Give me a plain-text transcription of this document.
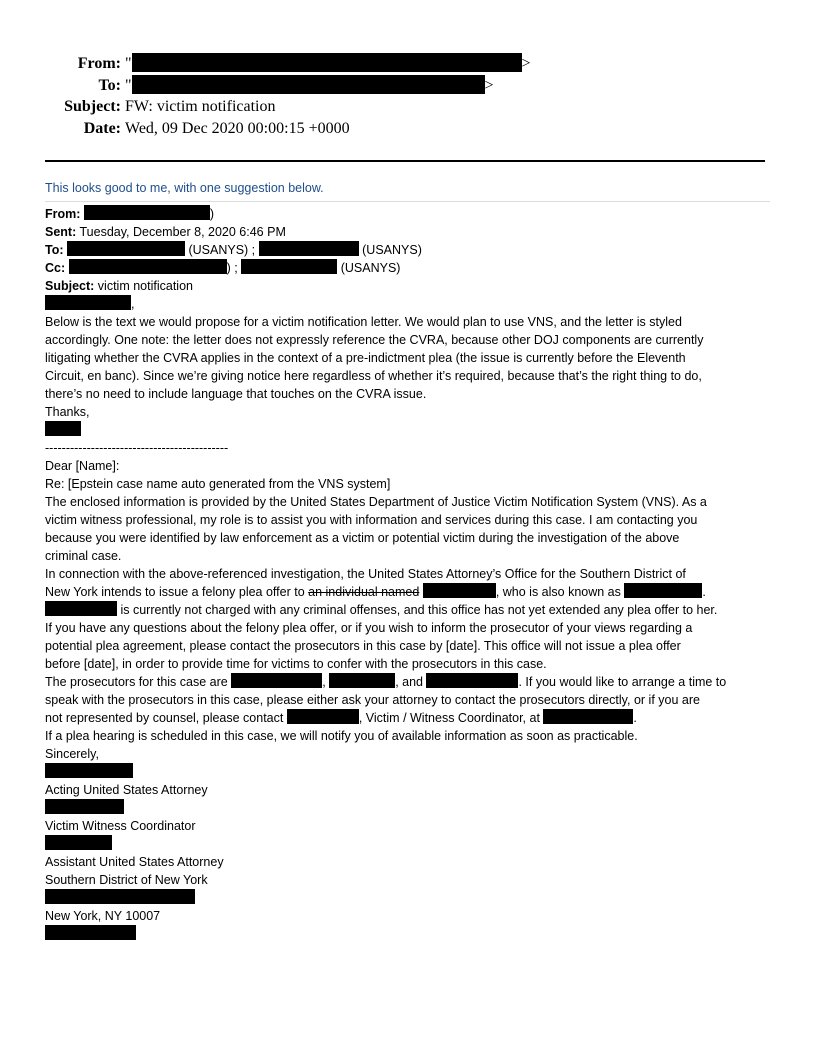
From: "	>
To: "	>
Subject: FW: victim notification
Date: Wed, 09 Dec 2020 00:00:15 +0000
This looks good to me, with one suggestion below.
From:	)
Sent: Tuesday, December 8, 2020 6:46 PM
To:	(USANYS) ;	(USANYS)
Cc:	) ;	(USANYS)
Subject: victim notification
,
Below is the text we would propose for a victim notification letter. We would plan to use VNS, and the letter is styled
accordingly. One note: the letter does not expressly reference the CVRA, because other DOJ components are currently
litigating whether the CVRA applies in the context of a pre-indictment plea (the issue is currently before the Eleventh
Circuit, en banc). Since we’re giving notice here regardless of whether it’s required, because that’s the right thing to do,
there’s no need to include language that touches on the CVRA issue.
Thanks,
--------------------------------------------
Dear [Name]:
Re: [Epstein case name auto generated from the VNS system]
The enclosed information is provided by the United States Department of Justice Victim Notification System (VNS). As a
victim witness professional, my role is to assist you with information and services during this case. I am contacting you
because you were identified by law enforcement as a victim or potential victim during the investigation of the above
criminal case.
In connection with the above-referenced investigation, the United States Attorney’s Office for the Southern District of
New York intends to issue a felony plea offer to an individual named	, who is also known as	.
is currently not charged with any criminal offenses, and this office has not yet extended any plea offer to her.
If you have any questions about the felony plea offer, or if you wish to inform the prosecutor of your views regarding a
potential plea agreement, please contact the prosecutors in this case by [date]. This office will not issue a plea offer
before [date], in order to provide time for victims to confer with the prosecutors in this case.
The prosecutors for this case are	,	, and	. If you would like to arrange a time to
speak with the prosecutors in this case, please either ask your attorney to contact the prosecutors directly, or if you are
not represented by counsel, please contact	, Victim / Witness Coordinator, at	.
If a plea hearing is scheduled in this case, we will notify you of available information as soon as practicable.
Sincerely,
Acting United States Attorney
Victim Witness Coordinator
Assistant United States Attorney
Southern District of New York
New York, NY 10007
